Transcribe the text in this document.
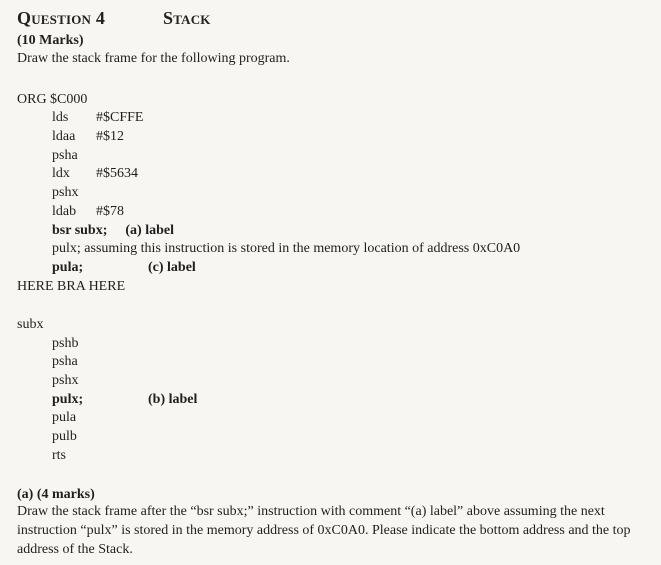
Question 4	Stack
(10 Marks)
Draw the stack frame for the following program.
ORG $C000
lds #$CFFE
ldaa #$12
psha
ldx #$5634
pshx
ldab #$78
bsr subx; (a) label
pulx; assuming this instruction is stored in the memory location of address 0xC0A0
pula;	(c) label
HERE BRA HERE
subx
pshb
psha
pshx
pulx;	(b) label
pula
pulb
rts
(a) (4 marks)
Draw the stack frame after the “bsr subx;” instruction with comment “(a) label” above assuming the next instruction “pulx” is stored in the memory address of 0xC0A0. Please indicate the bottom address and the top address of the Stack.
